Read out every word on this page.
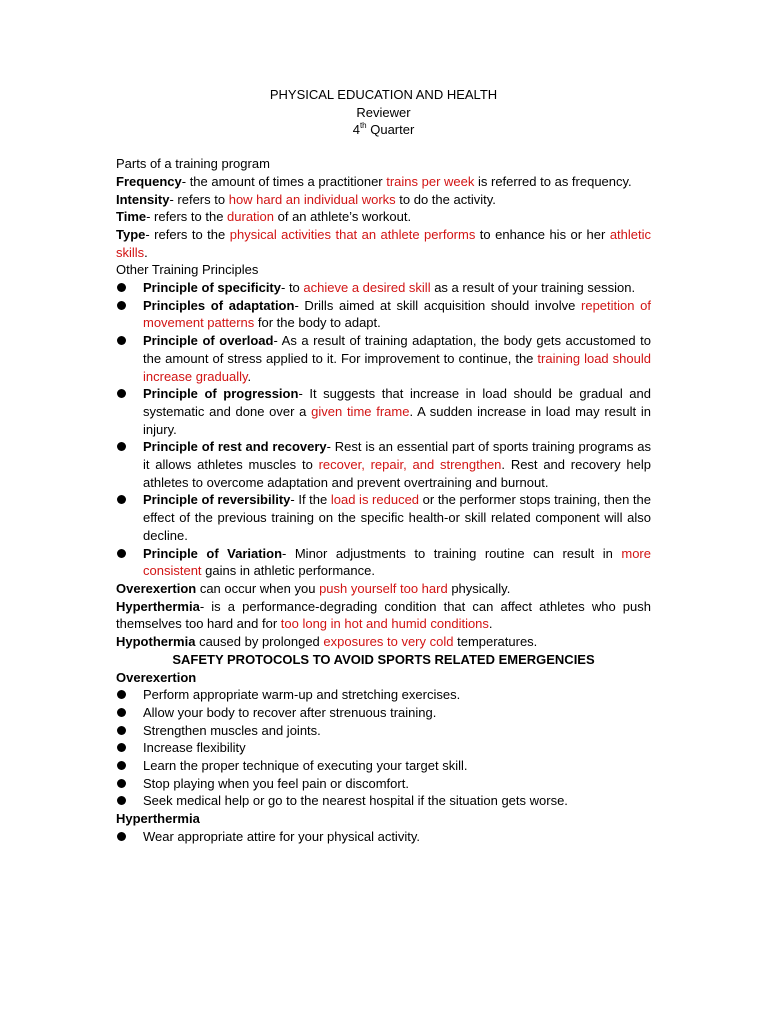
PHYSICAL EDUCATION AND HEALTH
Reviewer
4th Quarter
Parts of a training program
Frequency- the amount of times a practitioner trains per week is referred to as frequency.
Intensity- refers to how hard an individual works to do the activity.
Time- refers to the duration of an athlete’s workout.
Type- refers to the physical activities that an athlete performs to enhance his or her athletic skills.
Other Training Principles
Principle of specificity- to achieve a desired skill as a result of your training session.
Principles of adaptation- Drills aimed at skill acquisition should involve repetition of movement patterns for the body to adapt.
Principle of overload- As a result of training adaptation, the body gets accustomed to the amount of stress applied to it. For improvement to continue, the training load should increase gradually.
Principle of progression- It suggests that increase in load should be gradual and systematic and done over a given time frame. A sudden increase in load may result in injury.
Principle of rest and recovery- Rest is an essential part of sports training programs as it allows athletes muscles to recover, repair, and strengthen. Rest and recovery help athletes to overcome adaptation and prevent overtraining and burnout.
Principle of reversibility- If the load is reduced or the performer stops training, then the effect of the previous training on the specific health-or skill related component will also decline.
Principle of Variation- Minor adjustments to training routine can result in more consistent gains in athletic performance.
Overexertion can occur when you push yourself too hard physically.
Hyperthermia- is a performance-degrading condition that can affect athletes who push themselves too hard and for too long in hot and humid conditions.
Hypothermia caused by prolonged exposures to very cold temperatures.
SAFETY PROTOCOLS TO AVOID SPORTS RELATED EMERGENCIES
Overexertion
Perform appropriate warm-up and stretching exercises.
Allow your body to recover after strenuous training.
Strengthen muscles and joints.
Increase flexibility
Learn the proper technique of executing your target skill.
Stop playing when you feel pain or discomfort.
Seek medical help or go to the nearest hospital if the situation gets worse.
Hyperthermia
Wear appropriate attire for your physical activity.
